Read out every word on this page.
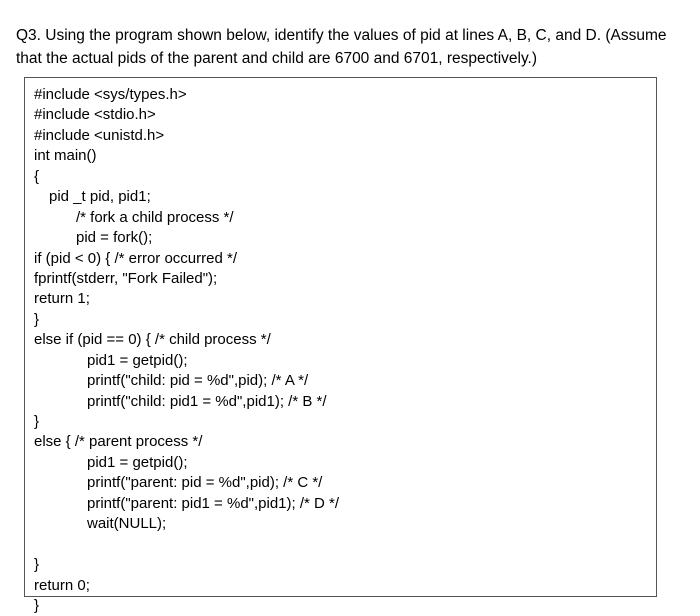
Q3. Using the program shown below, identify the values of pid at lines A, B, C, and D. (Assume
that the actual pids of the parent and child are 6700 and 6701, respectively.)
#include <sys/types.h>
#include <stdio.h>
#include <unistd.h>
int main()
{
pid _t pid, pid1;
/* fork a child process */
pid = fork();
if (pid < 0) { /* error occurred */
fprintf(stderr, "Fork Failed");
return 1;
}
else if (pid == 0) { /* child process */
pid1 = getpid();
printf("child: pid = %d",pid); /* A */
printf("child: pid1 = %d",pid1); /* B */
}
else { /* parent process */
pid1 = getpid();
printf("parent: pid = %d",pid); /* C */
printf("parent: pid1 = %d",pid1); /* D */
wait(NULL);
}
return 0;
}
